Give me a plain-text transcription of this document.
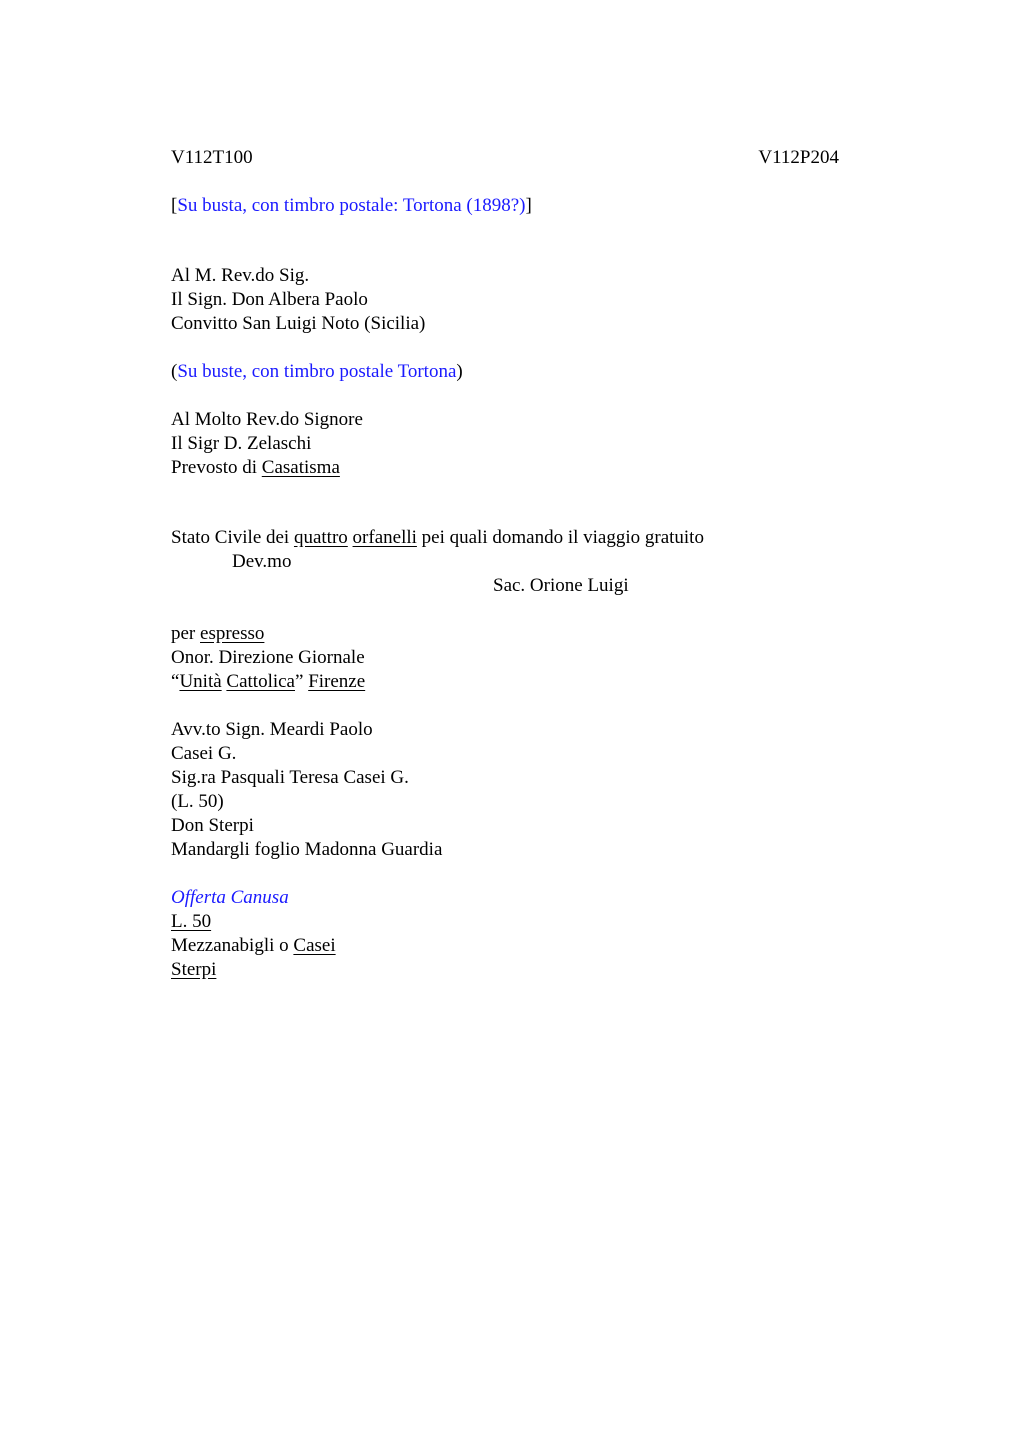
V112T100	V112P204
[Su busta, con timbro postale: Tortona (1898?)]
Al M. Rev.do Sig.
Il Sign. Don Albera Paolo
Convitto San Luigi Noto (Sicilia)
(Su buste, con timbro postale Tortona)
Al Molto Rev.do Signore
Il Sigr D. Zelaschi
Prevosto di Casatisma
Stato Civile dei quattro orfanelli pei quali domando il viaggio gratuito
Dev.mo
Sac. Orione Luigi
per espresso
Onor. Direzione Giornale
“Unità Cattolica” Firenze
Avv.to Sign. Meardi Paolo
Casei G.
Sig.ra Pasquali Teresa Casei G.
(L. 50)
Don Sterpi
Mandargli foglio Madonna Guardia
Offerta Canusa
L. 50
Mezzanabigli o Casei
Sterpi
